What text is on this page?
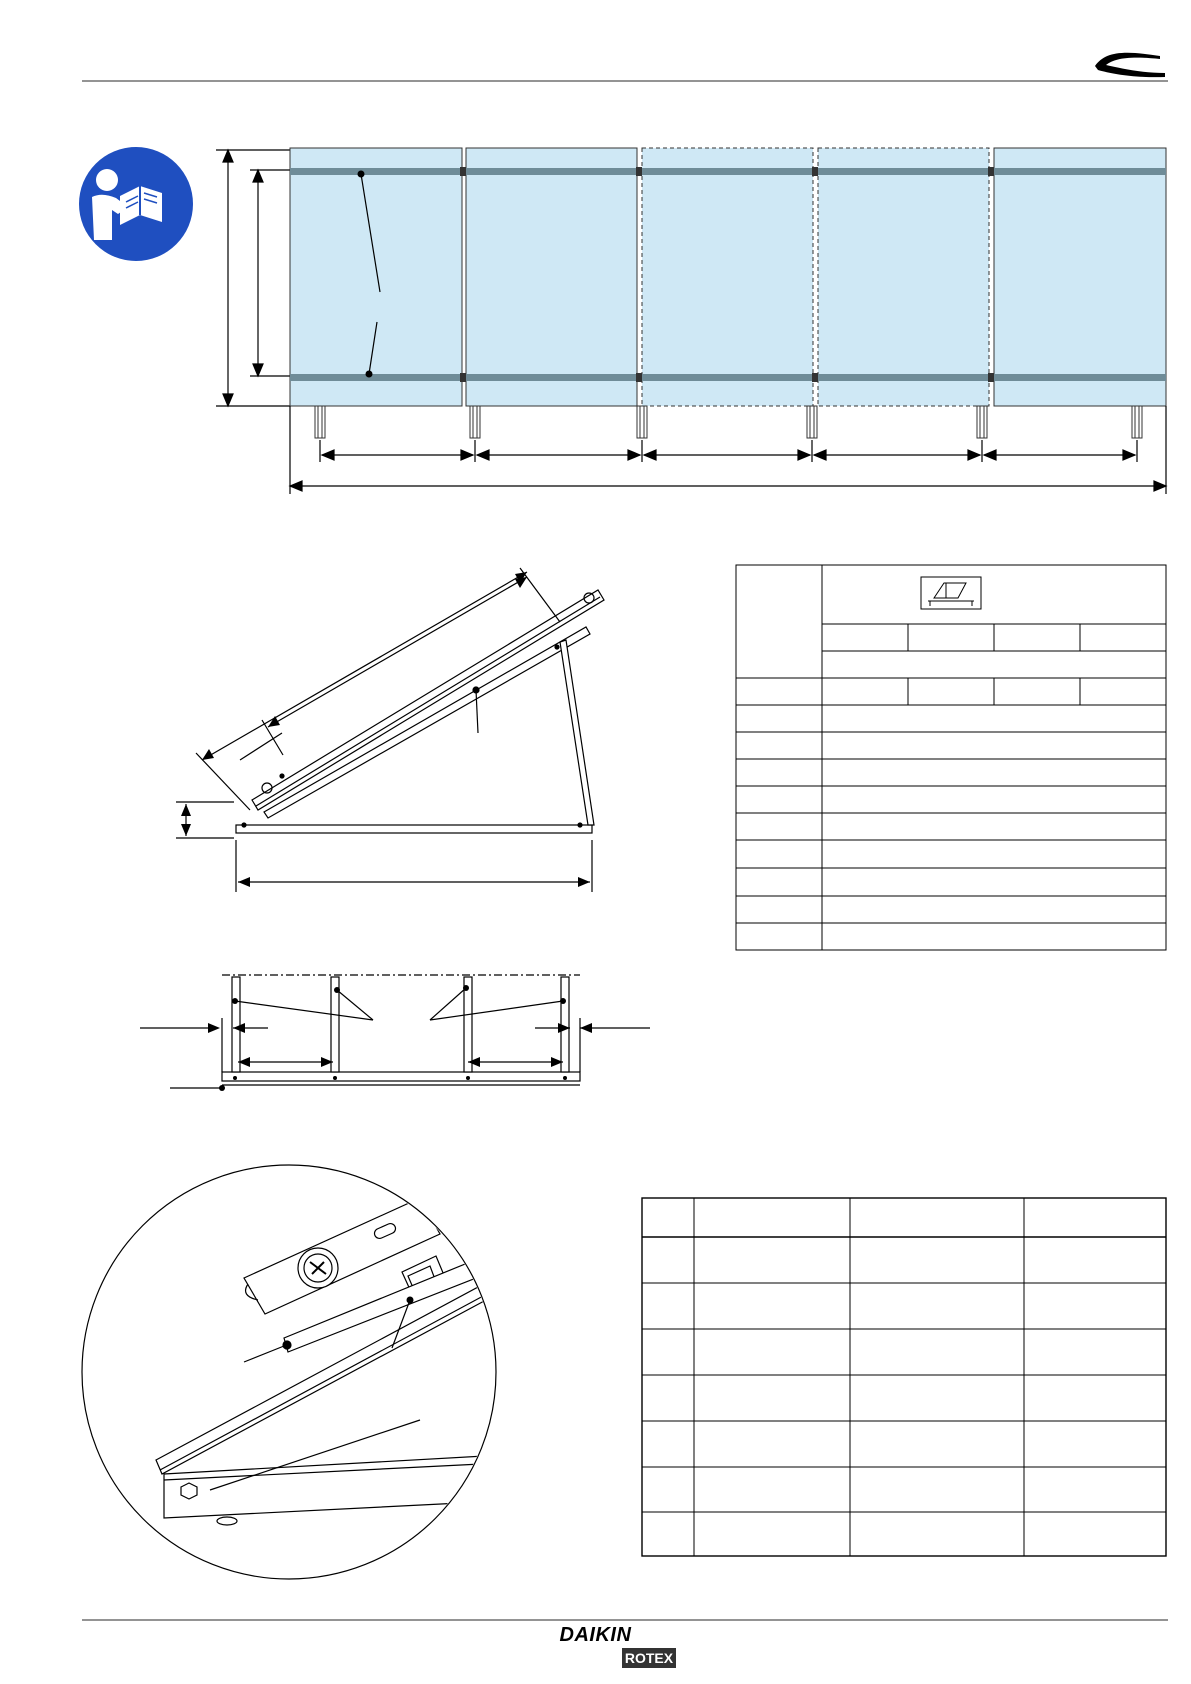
DAIKIN
ROTEX
